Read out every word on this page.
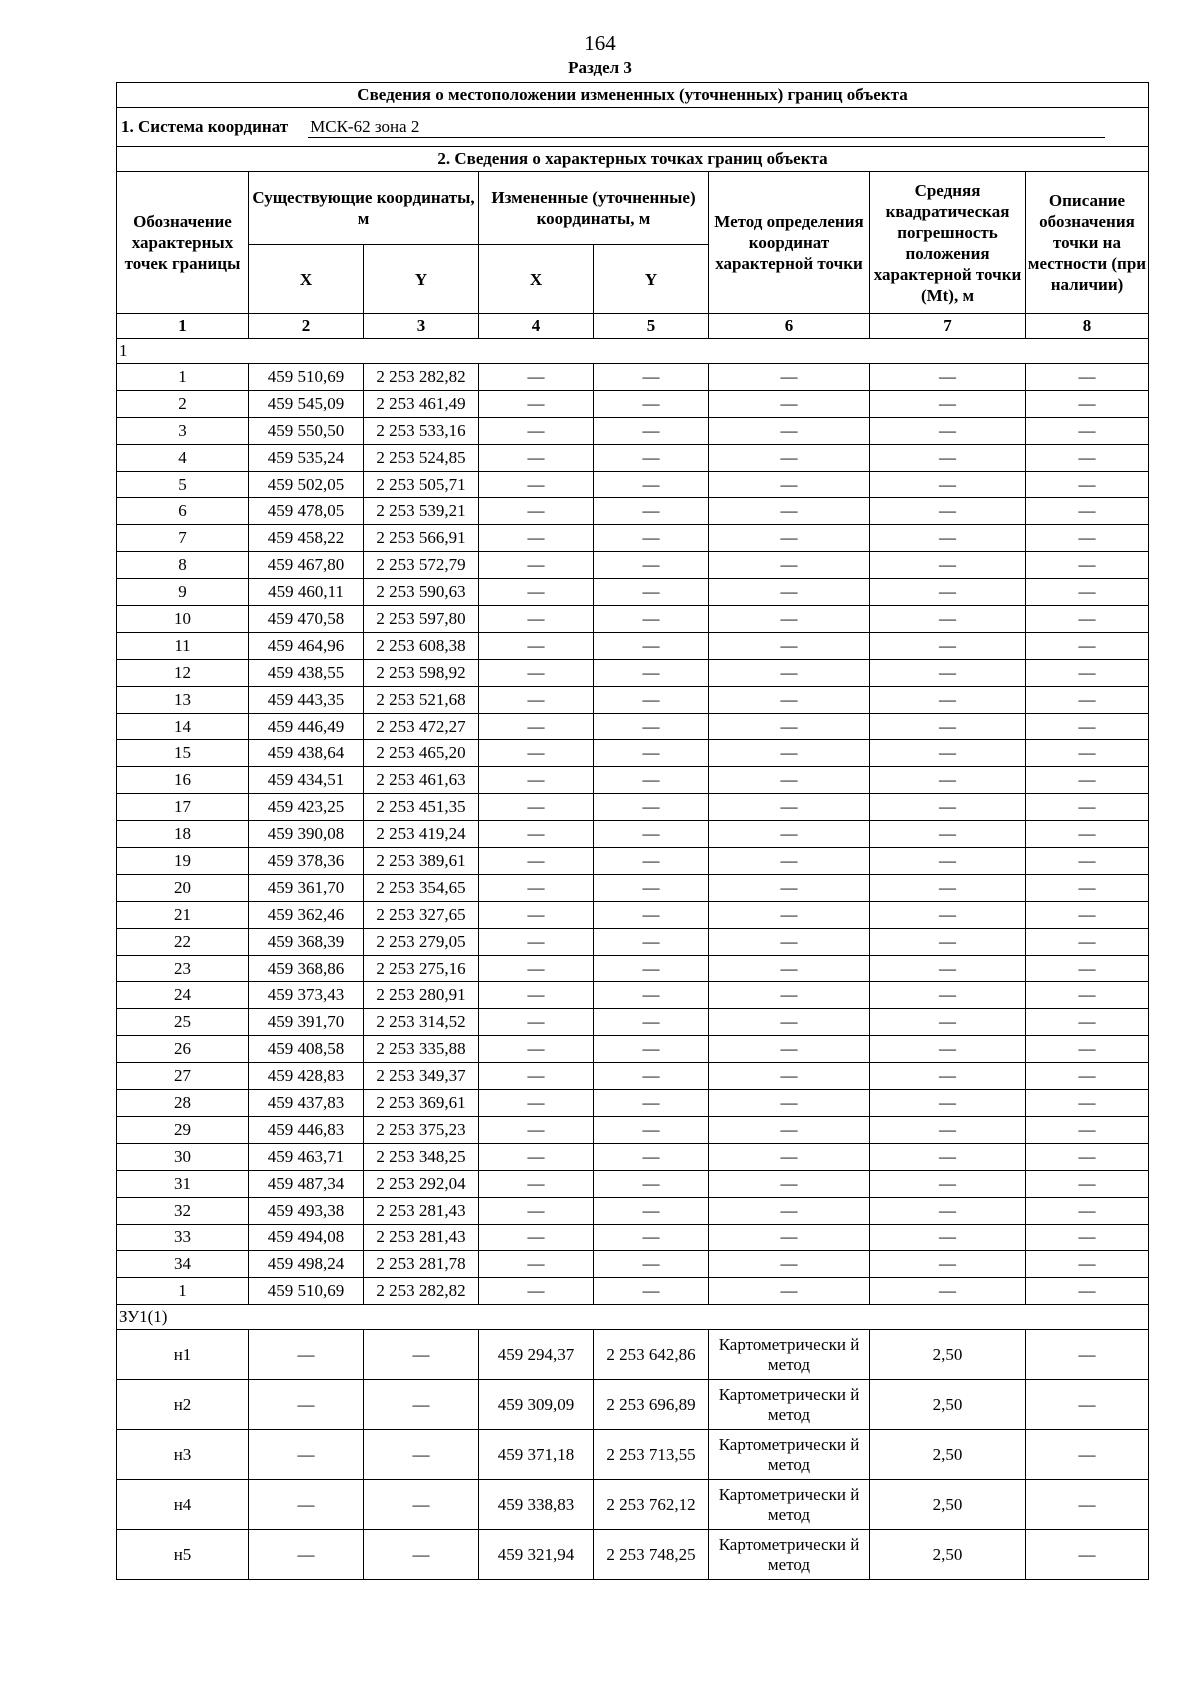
164
Раздел 3
Сведения о местоположении измененных (уточненных) границ объекта							
1. Система координат МСК-62 зона 2							
2. Сведения о характерных точках границ объекта							
Обозначение характерных точек границы	Существующие координаты, м		Измененные (уточненные) координаты, м		Метод определения координат характерной точки	Средняя квадратическая погрешность положения характерной точки (Mt), м	Описание обозначения точки на местности (при наличии)
	X	Y	X	Y			
1	2	3	4	5	6	7	8
1							
1	459 510,69	2 253 282,82	—	—	—	—	—
2	459 545,09	2 253 461,49	—	—	—	—	—
3	459 550,50	2 253 533,16	—	—	—	—	—
4	459 535,24	2 253 524,85	—	—	—	—	—
5	459 502,05	2 253 505,71	—	—	—	—	—
6	459 478,05	2 253 539,21	—	—	—	—	—
7	459 458,22	2 253 566,91	—	—	—	—	—
8	459 467,80	2 253 572,79	—	—	—	—	—
9	459 460,11	2 253 590,63	—	—	—	—	—
10	459 470,58	2 253 597,80	—	—	—	—	—
11	459 464,96	2 253 608,38	—	—	—	—	—
12	459 438,55	2 253 598,92	—	—	—	—	—
13	459 443,35	2 253 521,68	—	—	—	—	—
14	459 446,49	2 253 472,27	—	—	—	—	—
15	459 438,64	2 253 465,20	—	—	—	—	—
16	459 434,51	2 253 461,63	—	—	—	—	—
17	459 423,25	2 253 451,35	—	—	—	—	—
18	459 390,08	2 253 419,24	—	—	—	—	—
19	459 378,36	2 253 389,61	—	—	—	—	—
20	459 361,70	2 253 354,65	—	—	—	—	—
21	459 362,46	2 253 327,65	—	—	—	—	—
22	459 368,39	2 253 279,05	—	—	—	—	—
23	459 368,86	2 253 275,16	—	—	—	—	—
24	459 373,43	2 253 280,91	—	—	—	—	—
25	459 391,70	2 253 314,52	—	—	—	—	—
26	459 408,58	2 253 335,88	—	—	—	—	—
27	459 428,83	2 253 349,37	—	—	—	—	—
28	459 437,83	2 253 369,61	—	—	—	—	—
29	459 446,83	2 253 375,23	—	—	—	—	—
30	459 463,71	2 253 348,25	—	—	—	—	—
31	459 487,34	2 253 292,04	—	—	—	—	—
32	459 493,38	2 253 281,43	—	—	—	—	—
33	459 494,08	2 253 281,43	—	—	—	—	—
34	459 498,24	2 253 281,78	—	—	—	—	—
1	459 510,69	2 253 282,82	—	—	—	—	—
ЗУ1(1)							
н1	—	—	459 294,37	2 253 642,86	Картометрически й метод	2,50	—
н2	—	—	459 309,09	2 253 696,89	Картометрически й метод	2,50	—
н3	—	—	459 371,18	2 253 713,55	Картометрически й метод	2,50	—
н4	—	—	459 338,83	2 253 762,12	Картометрически й метод	2,50	—
н5	—	—	459 321,94	2 253 748,25	Картометрически й метод	2,50	—
